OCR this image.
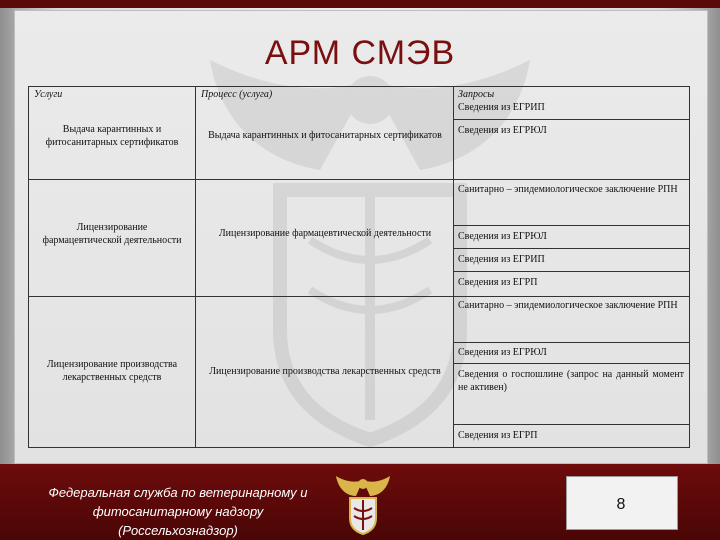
АРМ СМЭВ
Услуги	Процесс (услуга)	Запросы
Выдача карантинных и фитосанитарных сертификатов
Выдача карантинных и фитосанитарных сертификатов
Сведения из ЕГРИП
Сведения из ЕГРЮЛ
Лицензирование фармацевтической деятельности
Лицензирование фармацевтической деятельности
Санитарно – эпидемиологическое заключение РПН
Сведения из ЕГРЮЛ
Сведения из ЕГРИП
Сведения из ЕГРП
Лицензирование производства лекарственных средств
Лицензирование производства лекарственных средств
Санитарно – эпидемиологическое заключение РПН
Сведения из ЕГРЮЛ
Сведения о госпошлине (запрос на данный момент не активен)
Сведения из ЕГРП
Федеральная служба по ветеринарному и
фитосанитарному надзору
(Россельхознадзор)
8
